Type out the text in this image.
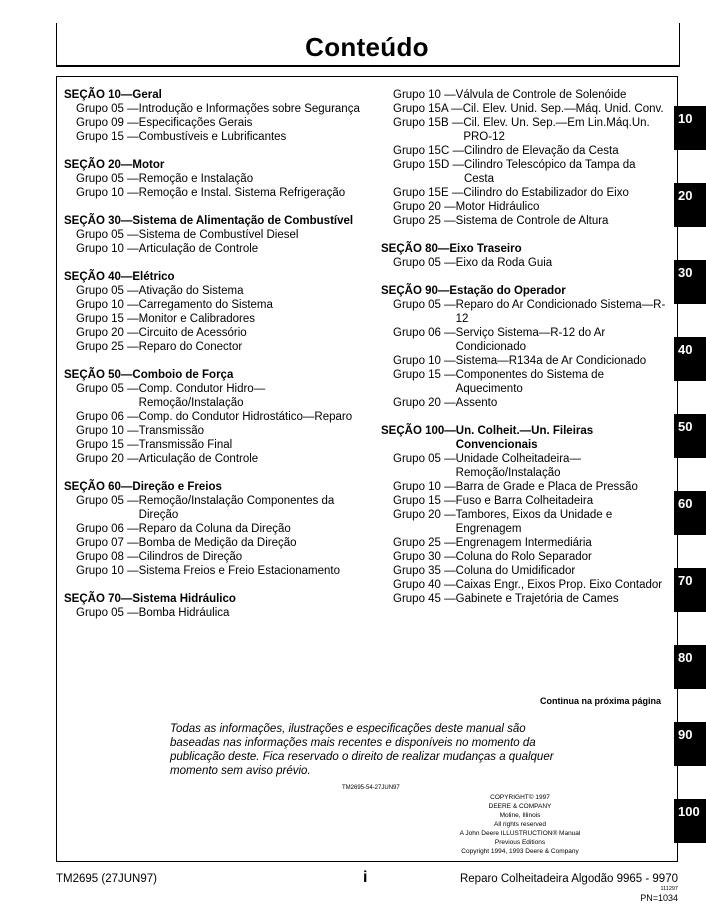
Conteúdo
SEÇÃO 10— Geral
Grupo 05 — Introdução e Informações sobre Segurança
Grupo 09 — Especificações Gerais
Grupo 15 — Combustíveis e Lubrificantes
SEÇÃO 20— Motor
Grupo 05 — Remoção e Instalação
Grupo 10 — Remoção e Instal. Sistema Refrigeração
SEÇÃO 30— Sistema de Alimentação de Combustível
Grupo 05 — Sistema de Combustível Diesel
Grupo 10 — Articulação de Controle
SEÇÃO 40— Elétrico
Grupo 05 — Ativação do Sistema
Grupo 10 — Carregamento do Sistema
Grupo 15 — Monitor e Calibradores
Grupo 20 — Circuito de Acessório
Grupo 25 — Reparo do Conector
SEÇÃO 50— Comboio de Força
Grupo 05 — Comp. Condutor Hidro—Remoção/Instalação
Grupo 06 — Comp. do Condutor Hidrostático—Reparo
Grupo 10 — Transmissão
Grupo 15 — Transmissão Final
Grupo 20 — Articulação de Controle
SEÇÃO 60— Direção e Freios
Grupo 05 — Remoção/Instalação Componentes da Direção
Grupo 06 — Reparo da Coluna da Direção
Grupo 07 — Bomba de Medição da Direção
Grupo 08 — Cilindros de Direção
Grupo 10 — Sistema Freios e Freio Estacionamento
SEÇÃO 70— Sistema Hidráulico
Grupo 05 — Bomba Hidráulica
Grupo 10 — Válvula de Controle de Solenóide
Grupo 15A — Cil. Elev. Unid. Sep.—Máq. Unid. Conv.
Grupo 15B — Cil. Elev. Un. Sep.—Em Lin.Máq.Un. PRO-12
Grupo 15C — Cilindro de Elevação da Cesta
Grupo 15D — Cilindro Telescópico da Tampa da Cesta
Grupo 15E — Cilindro do Estabilizador do Eixo
Grupo 20 — Motor Hidráulico
Grupo 25 — Sistema de Controle de Altura
SEÇÃO 80— Eixo Traseiro
Grupo 05 — Eixo da Roda Guia
SEÇÃO 90— Estação do Operador
Grupo 05 — Reparo do Ar Condicionado Sistema—R-12
Grupo 06 — Serviço Sistema—R-12 do Ar Condicionado
Grupo 10 — Sistema—R134a de Ar Condicionado
Grupo 15 — Componentes do Sistema de Aquecimento
Grupo 20 — Assento
SEÇÃO 100— Un. Colheit.—Un. Fileiras Convencionais
Grupo 05 — Unidade Colheitadeira—Remoção/Instalação
Grupo 10 — Barra de Grade e Placa de Pressão
Grupo 15 — Fuso e Barra Colheitadeira
Grupo 20 — Tambores, Eixos da Unidade e Engrenagem
Grupo 25 — Engrenagem Intermediária
Grupo 30 — Coluna do Rolo Separador
Grupo 35 — Coluna do Umidificador
Grupo 40 — Caixas Engr., Eixos Prop. Eixo Contador
Grupo 45 — Gabinete e Trajetória de Cames
Continua na próxima página
Todas as informações, ilustrações e especificações deste manual são baseadas nas informações mais recentes e disponíveis no momento da publicação deste. Fica reservado o direito de realizar mudanças a qualquer momento sem aviso prévio.
TM2695-54-27JUN97
COPYRIGHT© 1997
DEERE & COMPANY
Moline, Illinois
All rights reserved
A John Deere ILLUSTRUCTION® Manual
Previous Editions
Copyright 1994, 1993 Deere & Company
TM2695 (27JUN97)	i	Reparo Colheitadeira Algodão 9965 - 9970
111297
PN=1034
10
20
30
40
50
60
70
80
90
100
